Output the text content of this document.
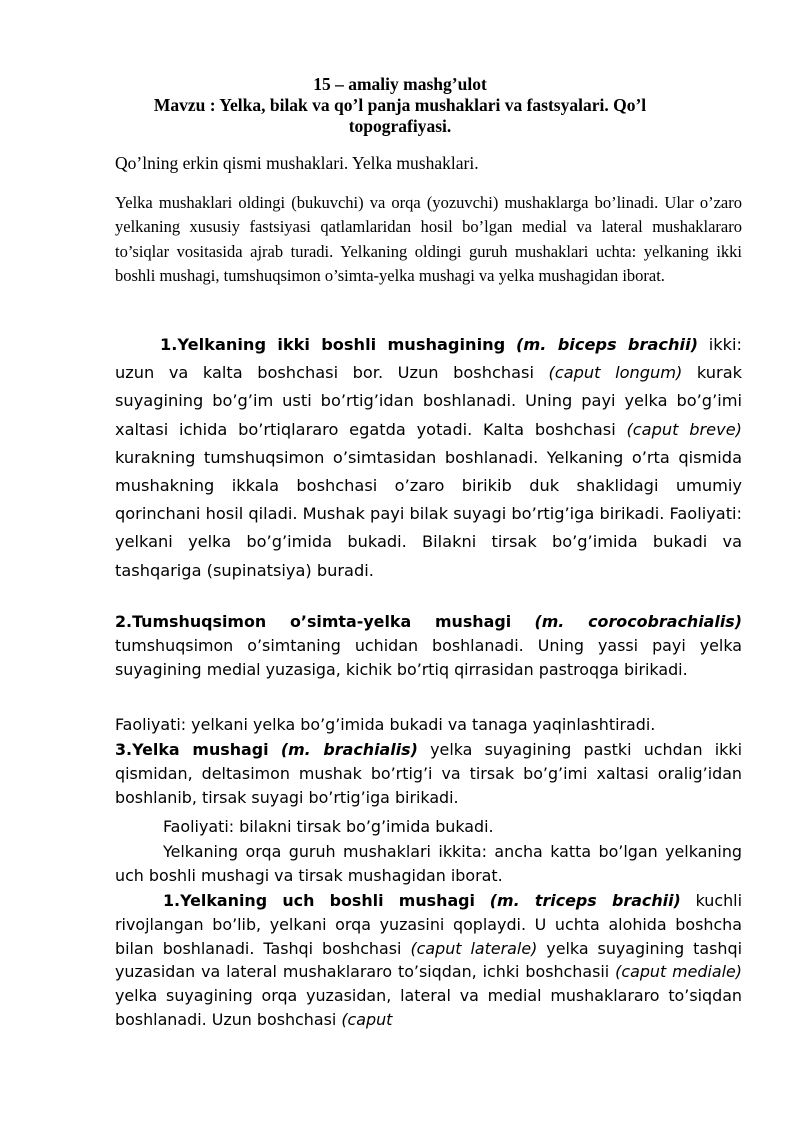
15 – amaliy mashg’ulot
Mavzu : Yelka, bilak va qo’l panja mushaklari va fastsyalari. Qo’l topografiyasi.
Qo’lning erkin qismi mushaklari. Yelka mushaklari.
Yelka mushaklari oldingi (bukuvchi) va orqa (yozuvchi) mushaklarga bo’linadi. Ular o’zaro yelkaning xususiy fastsiyasi qatlamlaridan hosil bo’lgan medial va lateral mushaklararo to’siqlar vositasida ajrab turadi. Yelkaning oldingi guruh mushaklari uchta: yelkaning ikki boshli mushagi, tumshuqsimon o’simta-yelka mushagi va yelka mushagidan iborat.
1.Yelkaning ikki boshli mushagining (m. biceps brachii) ikki: uzun va kalta boshchasi bor. Uzun boshchasi (caput longum) kurak suyagining bo’g’im usti bo’rtig’idan boshlanadi. Uning payi yelka bo’g’imi xaltasi ichida bo’rtiqlararo egatda yotadi. Kalta boshchasi (caput breve) kurakning tumshuqsimon o’simtasidan boshlanadi. Yelkaning o’rta qismida mushakning ikkala boshchasi o’zaro birikib duk shaklidagi umumiy qorinchani hosil qiladi. Mushak payi bilak suyagi bo’rtig’iga birikadi. Faoliyati: yelkani yelka bo’g’imida bukadi. Bilakni tirsak bo’g’imida bukadi va tashqariga (supinatsiya) buradi.
2.Tumshuqsimon o’simta-yelka mushagi (m. corocobrachialis) tumshuqsimon o’simtaning uchidan boshlanadi. Uning yassi payi yelka suyagining medial yuzasiga, kichik bo’rtiq qirrasidan pastroqga birikadi.
Faoliyati: yelkani yelka bo’g’imida bukadi va tanaga yaqinlashtiradi.
3.Yelka mushagi (m. brachialis) yelka suyagining pastki uchdan ikki qismidan, deltasimon mushak bo’rtig’i va tirsak bo’g’imi xaltasi oralig’idan boshlanib, tirsak suyagi bo’rtig’iga birikadi.
Faoliyati: bilakni tirsak bo’g’imida bukadi.
Yelkaning orqa guruh mushaklari ikkita: ancha katta bo’lgan yelkaning uch boshli mushagi va tirsak mushagidan iborat.
1.Yelkaning uch boshli mushagi (m. triceps brachii) kuchli rivojlangan bo’lib, yelkani orqa yuzasini qoplaydi. U uchta alohida boshcha bilan boshlanadi. Tashqi boshchasi (caput laterale) yelka suyagining tashqi yuzasidan va lateral mushaklararo to’siqdan, ichki boshchasii (caput mediale) yelka suyagining orqa yuzasidan, lateral va medial mushaklararo to’siqdan boshlanadi. Uzun boshchasi (caput
